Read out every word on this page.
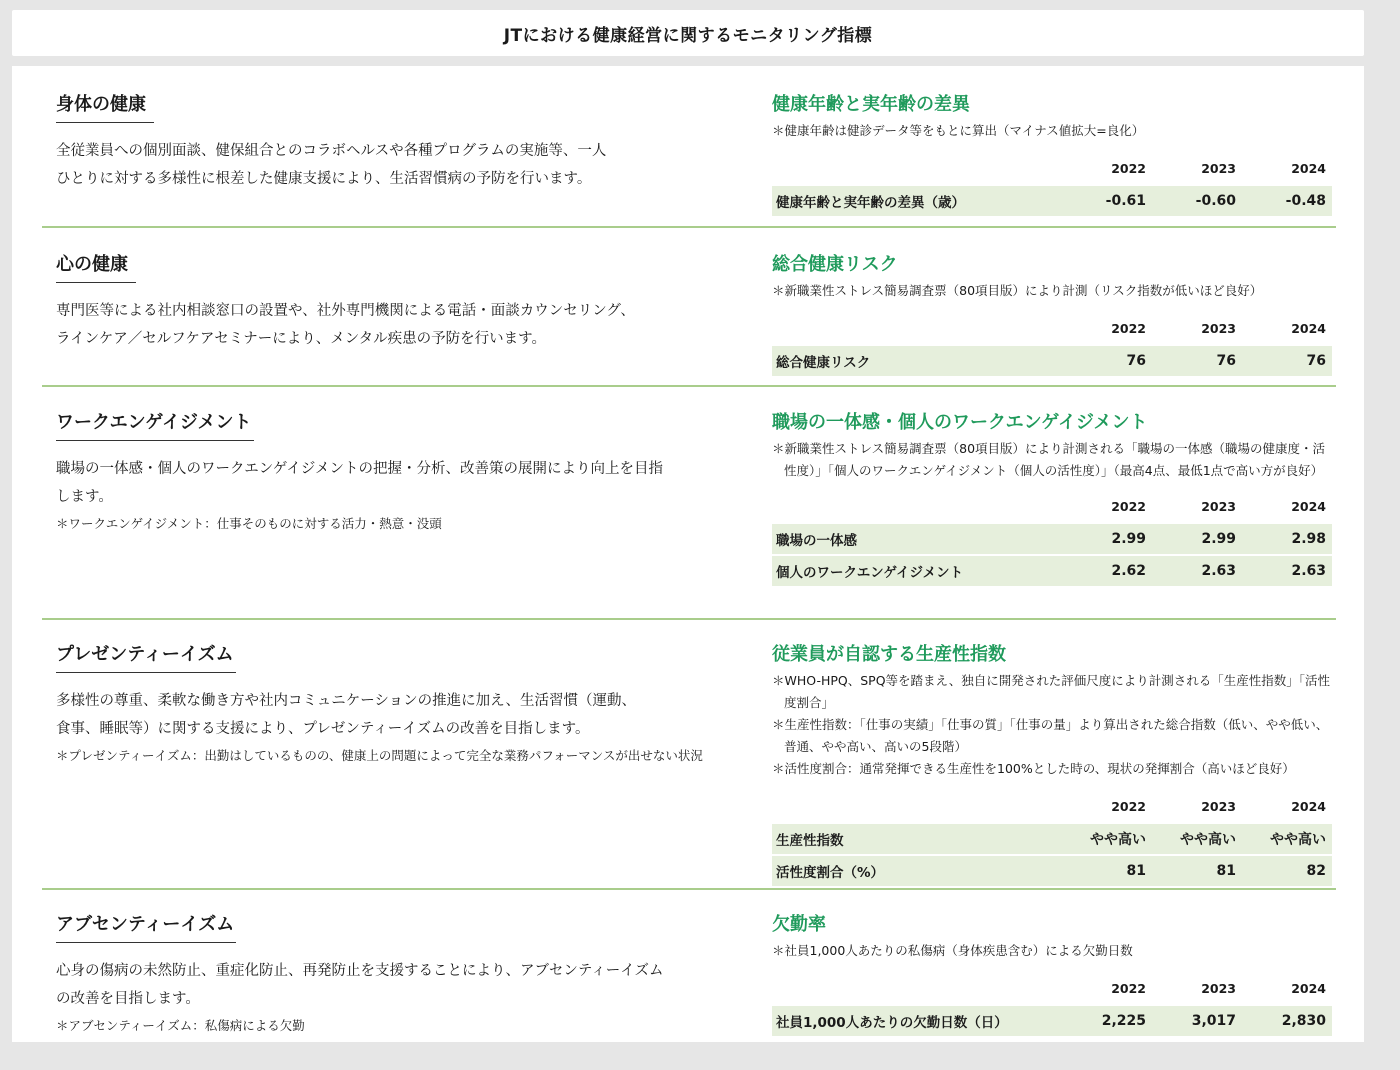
JTにおける健康経営に関するモニタリング指標
身体の健康
全従業員への個別面談、健保組合とのコラボヘルスや各種プログラムの実施等、一人
ひとりに対する多様性に根差した健康支援により、生活習慣病の予防を行います。
健康年齢と実年齢の差異
＊健康年齢は健診データ等をもとに算出（マイナス値拡大=良化）
	2022	2023	2024
健康年齢と実年齢の差異（歳）	-0.61	-0.60	-0.48
心の健康
専門医等による社内相談窓口の設置や、社外専門機関による電話・面談カウンセリング、
ラインケア／セルフケアセミナーにより、メンタル疾患の予防を行います。
総合健康リスク
＊新職業性ストレス簡易調査票（80項目版）により計測（リスク指数が低いほど良好）
	2022	2023	2024
総合健康リスク	76	76	76
ワークエンゲイジメント
職場の一体感・個人のワークエンゲイジメントの把握・分析、改善策の展開により向上を目指
します。
＊ワークエンゲイジメント：仕事そのものに対する活力・熱意・没頭
職場の一体感・個人のワークエンゲイジメント
＊新職業性ストレス簡易調査票（80項目版）により計測される「職場の一体感（職場の健康度・活性度）」「個人のワークエンゲイジメント（個人の活性度）」（最高4点、最低1点で高い方が良好）
	2022	2023	2024
職場の一体感	2.99	2.99	2.98
個人のワークエンゲイジメント	2.62	2.63	2.63
プレゼンティーイズム
多様性の尊重、柔軟な働き方や社内コミュニケーションの推進に加え、生活習慣（運動、
食事、睡眠等）に関する支援により、プレゼンティーイズムの改善を目指します。
＊プレゼンティーイズム：出勤はしているものの、健康上の問題によって完全な業務パフォーマンスが出せない状況
従業員が自認する生産性指数
＊WHO-HPQ、SPQ等を踏まえ、独自に開発された評価尺度により計測される「生産性指数」「活性度割合」
＊生産性指数：「仕事の実績」「仕事の質」「仕事の量」より算出された総合指数（低い、やや低い、普通、やや高い、高いの5段階）
＊活性度割合：通常発揮できる生産性を100%とした時の、現状の発揮割合（高いほど良好）
	2022	2023	2024
生産性指数	やや高い	やや高い	やや高い
活性度割合（%）	81	81	82
アブセンティーイズム
心身の傷病の未然防止、重症化防止、再発防止を支援することにより、アブセンティーイズム
の改善を目指します。
＊アブセンティーイズム：私傷病による欠勤
欠勤率
＊社員1,000人あたりの私傷病（身体疾患含む）による欠勤日数
	2022	2023	2024
社員1,000人あたりの欠勤日数（日）	2,225	3,017	2,830
